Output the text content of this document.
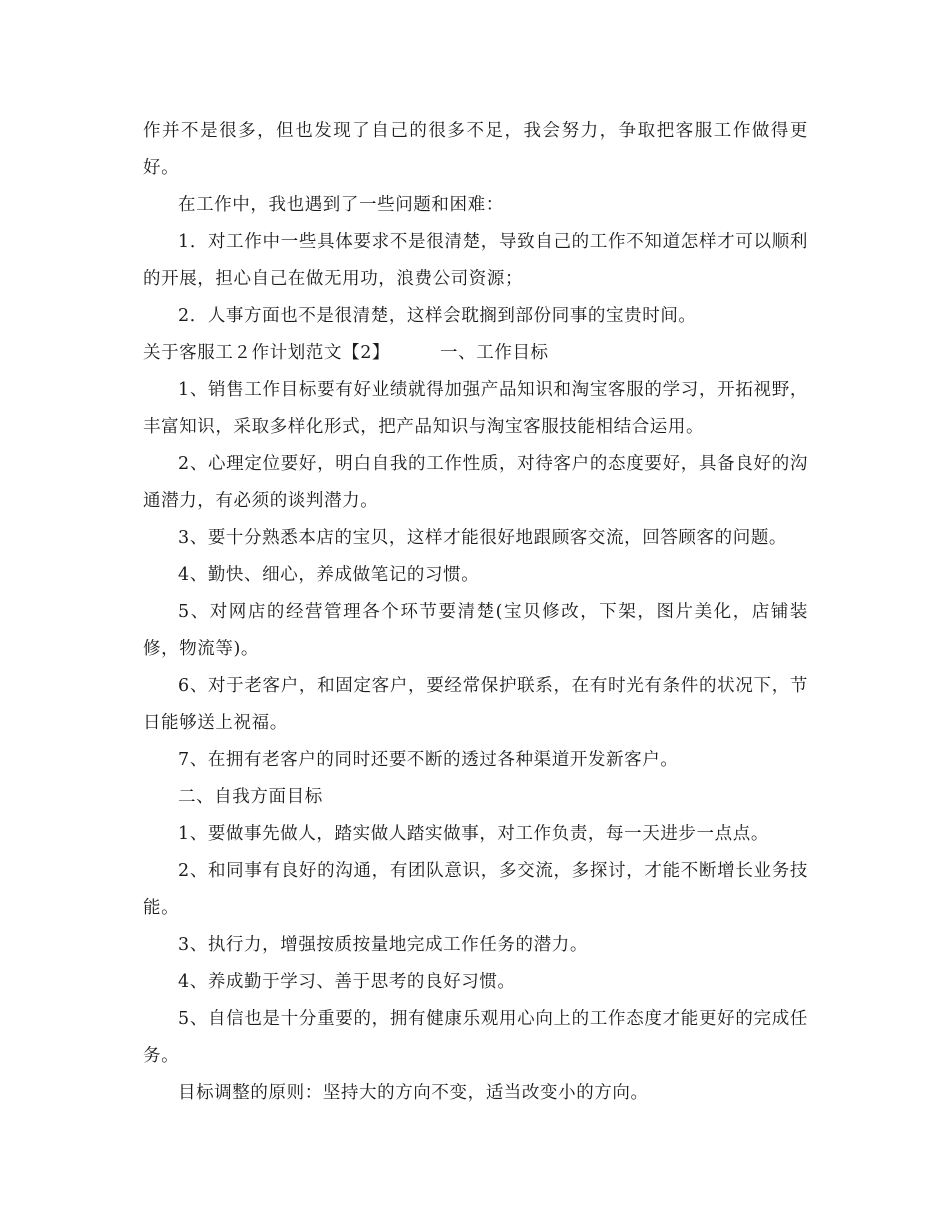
作并不是很多，但也发现了自己的很多不足，我会努力，争取把客服工作做得更好。

在工作中，我也遇到了一些问题和困难：

1．对工作中一些具体要求不是很清楚，导致自己的工作不知道怎样才可以顺利的开展，担心自己在做无用功，浪费公司资源；

2．人事方面也不是很清楚，这样会耽搁到部份同事的宝贵时间。

关于客服工２作计划范文【2】	一、工作目标

1、销售工作目标要有好业绩就得加强产品知识和淘宝客服的学习，开拓视野，丰富知识，采取多样化形式，把产品知识与淘宝客服技能相结合运用。

2、心理定位要好，明白自我的工作性质，对待客户的态度要好，具备良好的沟通潜力，有必须的谈判潜力。

3、要十分熟悉本店的宝贝，这样才能很好地跟顾客交流，回答顾客的问题。

4、勤快、细心，养成做笔记的习惯。

5、对网店的经营管理各个环节要清楚(宝贝修改，下架，图片美化，店铺装修，物流等)。

6、对于老客户，和固定客户，要经常保护联系，在有时光有条件的状况下，节日能够送上祝福。

7、在拥有老客户的同时还要不断的透过各种渠道开发新客户。

二、自我方面目标

1、要做事先做人，踏实做人踏实做事，对工作负责，每一天进步一点点。

2、和同事有良好的沟通，有团队意识，多交流，多探讨，才能不断增长业务技能。

3、执行力，增强按质按量地完成工作任务的潜力。

4、养成勤于学习、善于思考的良好习惯。

5、自信也是十分重要的，拥有健康乐观用心向上的工作态度才能更好的完成任务。

目标调整的原则：坚持大的方向不变，适当改变小的方向。
